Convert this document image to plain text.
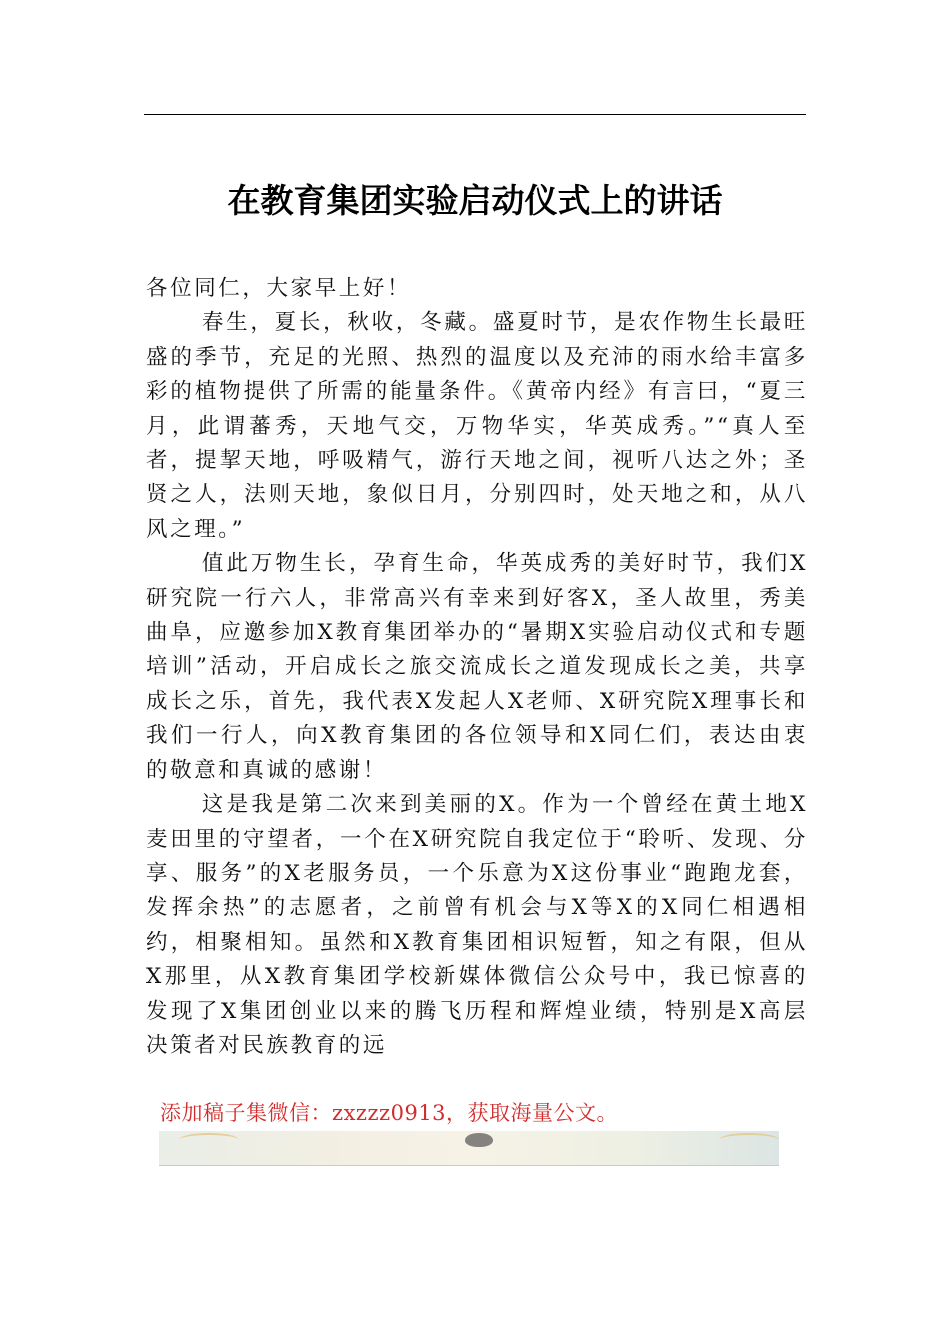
在教育集团实验启动仪式上的讲话

各位同仁，大家早上好！

春生，夏长，秋收，冬藏。盛夏时节，是农作物生长最旺盛的季节，充足的光照、热烈的温度以及充沛的雨水给丰富多彩的植物提供了所需的能量条件。《黄帝内经》有言曰，“夏三月，此谓蕃秀，天地气交，万物华实，华英成秀。”“真人至者，提挈天地，呼吸精气，游行天地之间，视听八达之外；圣贤之人，法则天地，象似日月，分别四时，处天地之和，从八风之理。”

值此万物生长，孕育生命，华英成秀的美好时节，我们X研究院一行六人，非常高兴有幸来到好客X，圣人故里，秀美曲阜，应邀参加X教育集团举办的“暑期X实验启动仪式和专题培训”活动，开启成长之旅交流成长之道发现成长之美，共享成长之乐，首先，我代表X发起人X老师、X研究院X理事长和我们一行人，向X教育集团的各位领导和X同仁们，表达由衷的敬意和真诚的感谢！

这是我是第二次来到美丽的X。作为一个曾经在黄土地X麦田里的守望者，一个在X研究院自我定位于“聆听、发现、分享、服务”的X老服务员，一个乐意为X这份事业“跑跑龙套，发挥余热”的志愿者，之前曾有机会与X等X的X同仁相遇相约，相聚相知。虽然和X教育集团相识短暂，知之有限，但从X那里，从X教育集团学校新媒体微信公众号中，我已惊喜的发现了X集团创业以来的腾飞历程和辉煌业绩，特别是X高层决策者对民族教育的远

添加稿子集微信：zxzzz0913，获取海量公文。
